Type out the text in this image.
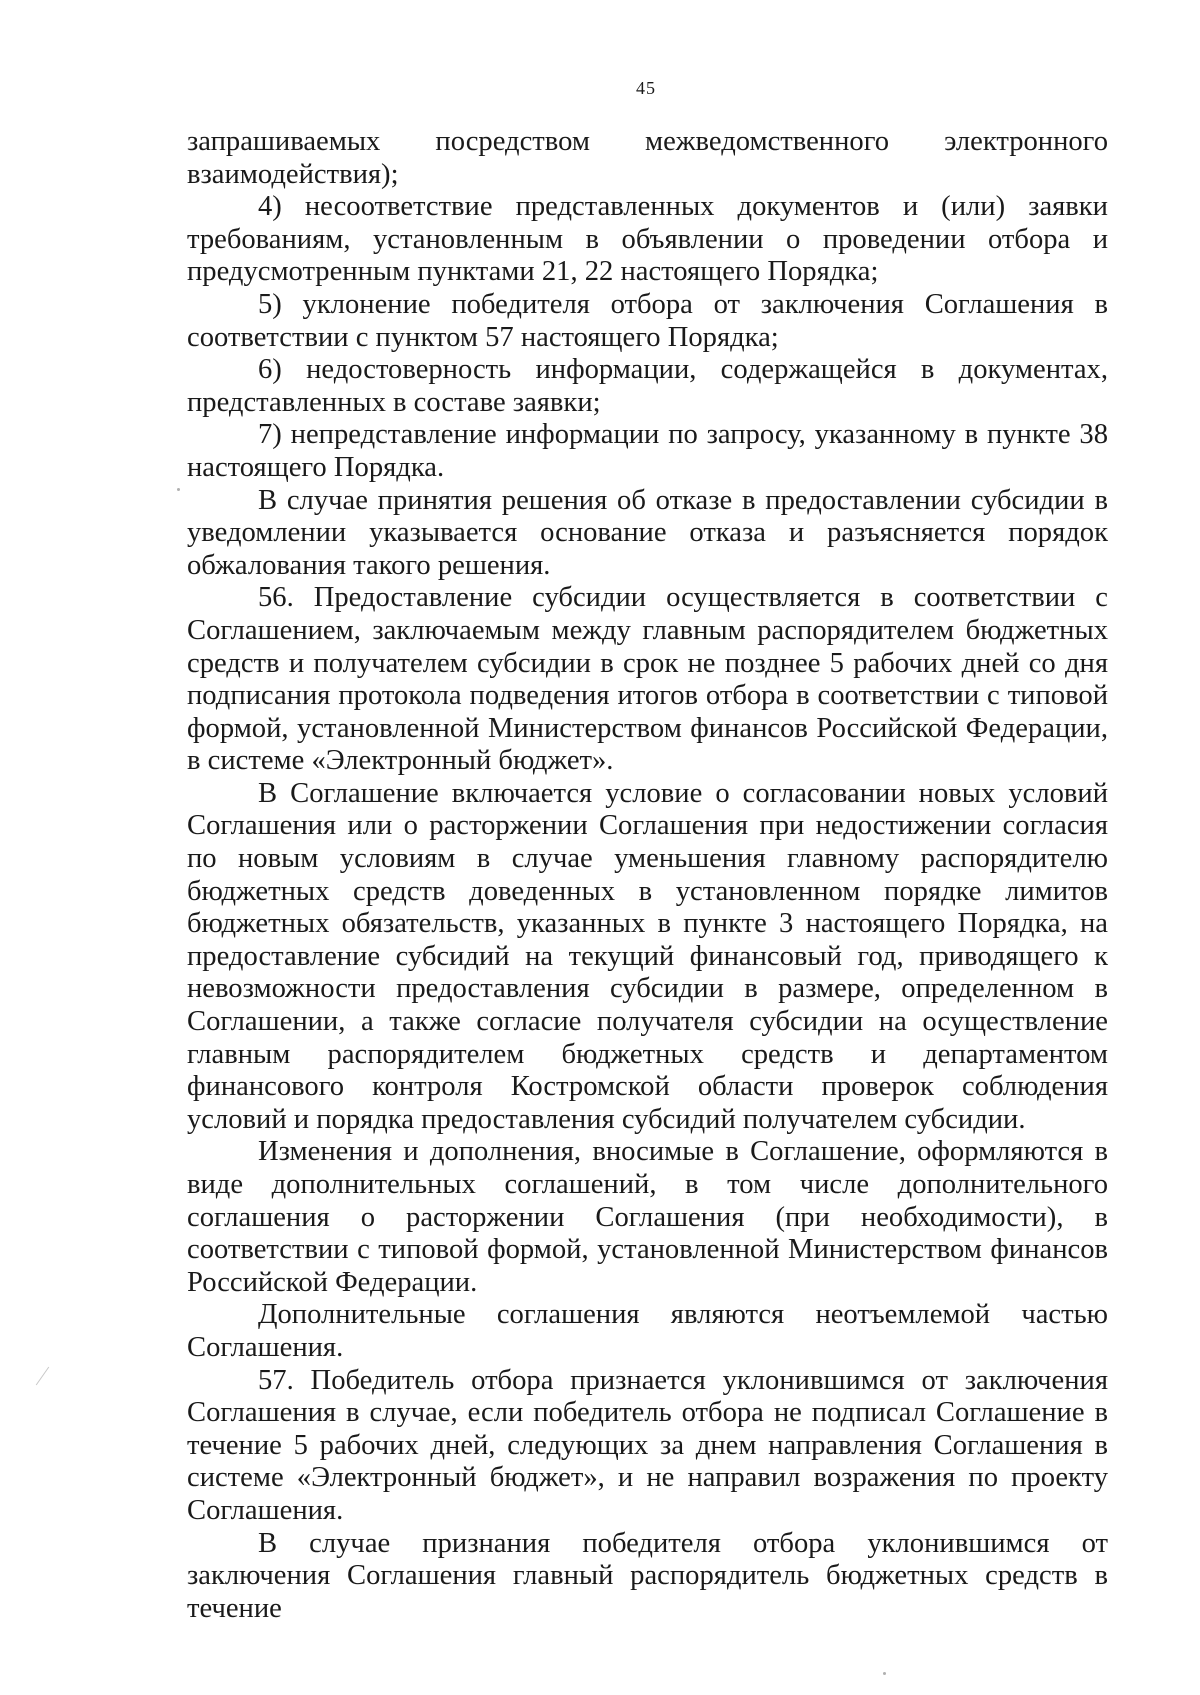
45

запрашиваемых посредством межведомственного электронного взаимодействия);

4) несоответствие представленных документов и (или) заявки требованиям, установленным в объявлении о проведении отбора и предусмотренным пунктами 21, 22 настоящего Порядка;

5) уклонение победителя отбора от заключения Соглашения в соответствии с пунктом 57 настоящего Порядка;

6) недостоверность информации, содержащейся в документах, представленных в составе заявки;

7) непредставление информации по запросу, указанному в пункте 38 настоящего Порядка.

В случае принятия решения об отказе в предоставлении субсидии в уведомлении указывается основание отказа и разъясняется порядок обжалования такого решения.

56. Предоставление субсидии осуществляется в соответствии с Соглашением, заключаемым между главным распорядителем бюджетных средств и получателем субсидии в срок не позднее 5 рабочих дней со дня подписания протокола подведения итогов отбора в соответствии с типовой формой, установленной Министерством финансов Российской Федерации, в системе «Электронный бюджет».

В Соглашение включается условие о согласовании новых условий Соглашения или о расторжении Соглашения при недостижении согласия по новым условиям в случае уменьшения главному распорядителю бюджетных средств доведенных в установленном порядке лимитов бюджетных обязательств, указанных в пункте 3 настоящего Порядка, на предоставление субсидий на текущий финансовый год, приводящего к невозможности предоставления субсидии в размере, определенном в Соглашении, а также согласие получателя субсидии на осуществление главным распорядителем бюджетных средств и департаментом финансового контроля Костромской области проверок соблюдения условий и порядка предоставления субсидий получателем субсидии.

Изменения и дополнения, вносимые в Соглашение, оформляются в виде дополнительных соглашений, в том числе дополнительного соглашения о расторжении Соглашения (при необходимости), в соответствии с типовой формой, установленной Министерством финансов Российской Федерации.

Дополнительные соглашения являются неотъемлемой частью Соглашения.

57. Победитель отбора признается уклонившимся от заключения Соглашения в случае, если победитель отбора не подписал Соглашение в течение 5 рабочих дней, следующих за днем направления Соглашения в системе «Электронный бюджет», и не направил возражения по проекту Соглашения.

В случае признания победителя отбора уклонившимся от заключения Соглашения главный распорядитель бюджетных средств в течение
